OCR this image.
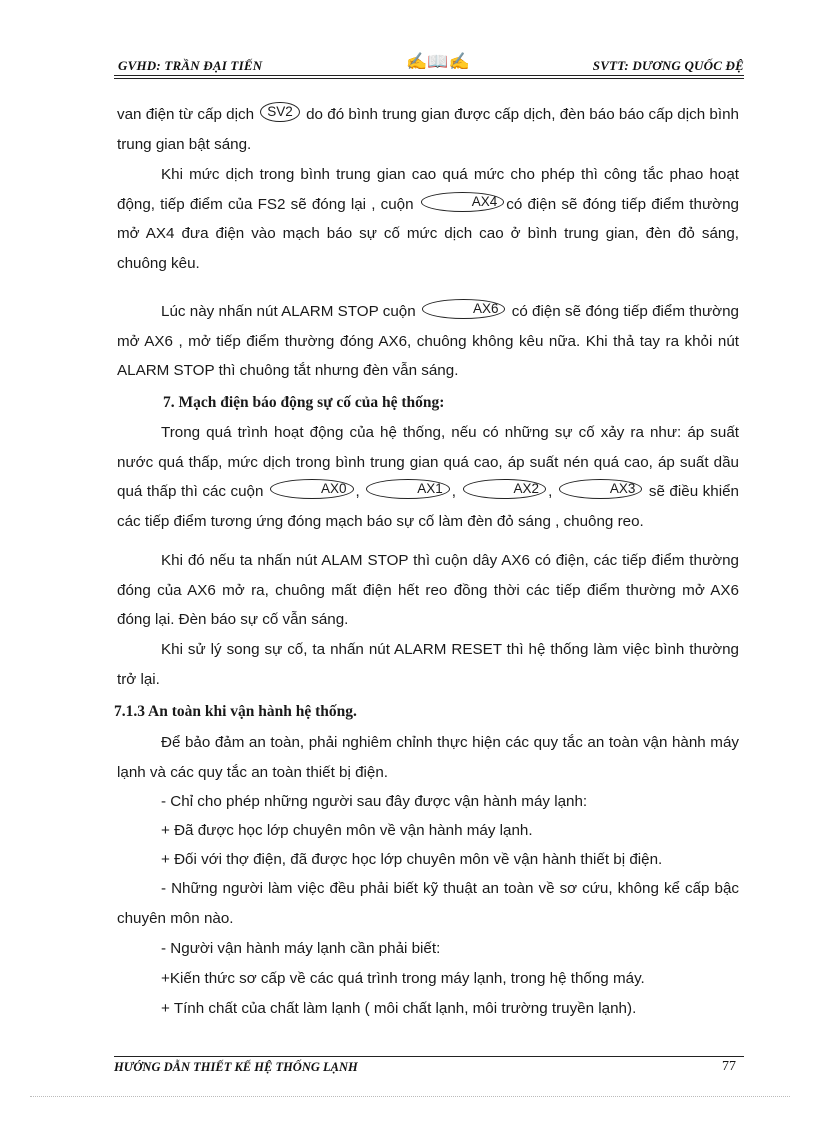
GVHD: TRẦN ĐẠI TIẾN	✍📖✍	SVTT: DƯƠNG QUỐC ĐỆ
van điện từ cấp dịch SV2 do đó bình trung gian được cấp dịch, đèn báo báo cấp dịch bình trung gian bật sáng.
Khi mức dịch trong bình trung gian cao quá mức cho phép thì công tắc phao hoạt động, tiếp điểm của FS2 sẽ đóng lại , cuộn	AX4 có điện sẽ đóng tiếp điểm thường mở AX4 đưa điện vào mạch báo sự cố mức dịch cao ở bình trung gian, đèn đỏ sáng, chuông kêu.
Lúc này nhấn nút ALARM STOP cuộn	AX6 có điện sẽ đóng tiếp điểm thường mở AX6 , mở tiếp điểm thường đóng AX6, chuông không kêu nữa. Khi thả tay ra khỏi nút ALARM STOP thì chuông tắt nhưng đèn vẫn sáng.
7. Mạch điện báo động sự cố của hệ thống:
Trong quá trình hoạt động của hệ thống, nếu có những sự cố xảy ra như: áp suất nước quá thấp, mức dịch trong bình trung gian quá cao, áp suất nén quá cao, áp suất dầu quá thấp thì các cuộn	AX0 ,	AX1 ,	AX2 ,	AX3 sẽ điều khiển các tiếp điểm tương ứng đóng mạch báo sự cố làm đèn đỏ sáng , chuông reo.
Khi đó nếu ta nhấn nút ALAM STOP thì cuộn dây AX6 có điện, các tiếp điểm thường đóng của AX6 mở ra, chuông mất điện hết reo đồng thời các tiếp điểm thường mở AX6 đóng lại. Đèn báo sự cố vẫn sáng.
Khi sử lý song sự cố, ta nhấn nút ALARM RESET thì hệ thống làm việc bình thường trở lại.
7.1.3 An toàn khi vận hành hệ thống.
Để bảo đảm an toàn, phải nghiêm chỉnh thực hiện các quy tắc an toàn vận hành máy lạnh và các quy tắc an toàn thiết bị điện.
- Chỉ cho phép những người sau đây được vận hành máy lạnh:
+ Đã được học lớp chuyên môn về vận hành máy lạnh.
+ Đối với thợ điện, đã được học lớp chuyên môn về vận hành thiết bị điện.
- Những người làm việc đều phải biết kỹ thuật an toàn về sơ cứu, không kể cấp bậc chuyên môn nào.
- Người vận hành máy lạnh cần phải biết:
+Kiến thức sơ cấp về các quá trình trong máy lạnh, trong hệ thống máy.
+ Tính chất của chất làm lạnh ( môi chất lạnh, môi trường truyền lạnh).
HƯỚNG DẪN THIẾT KẾ HỆ THỐNG LẠNH	77
